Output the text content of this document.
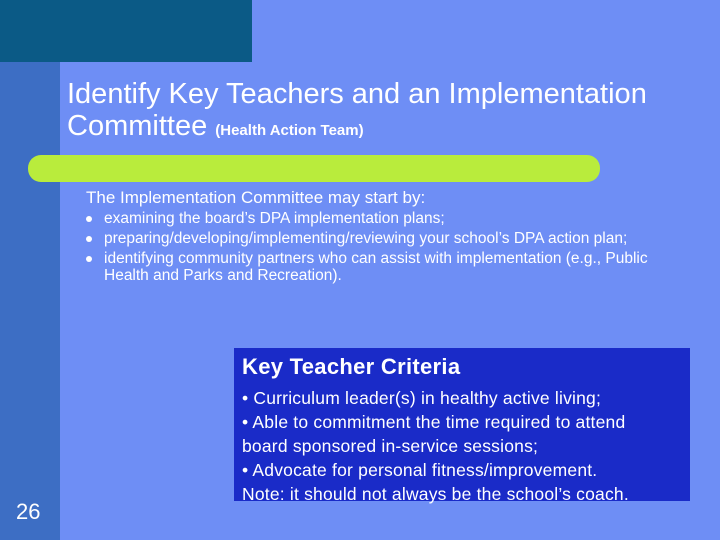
Identify Key Teachers and an Implementation Committee (Health Action Team)
The Implementation Committee may start by:
examining the board’s DPA implementation plans;
preparing/developing/implementing/reviewing your school’s DPA action plan;
identifying community partners who can assist with implementation (e.g., Public Health and Parks and Recreation).
Key Teacher Criteria
• Curriculum leader(s) in healthy active living;
• Able to commitment the time required to attend
board sponsored in-service sessions;
• Advocate for personal fitness/improvement.
Note: it should not always be the school’s coach.
26
